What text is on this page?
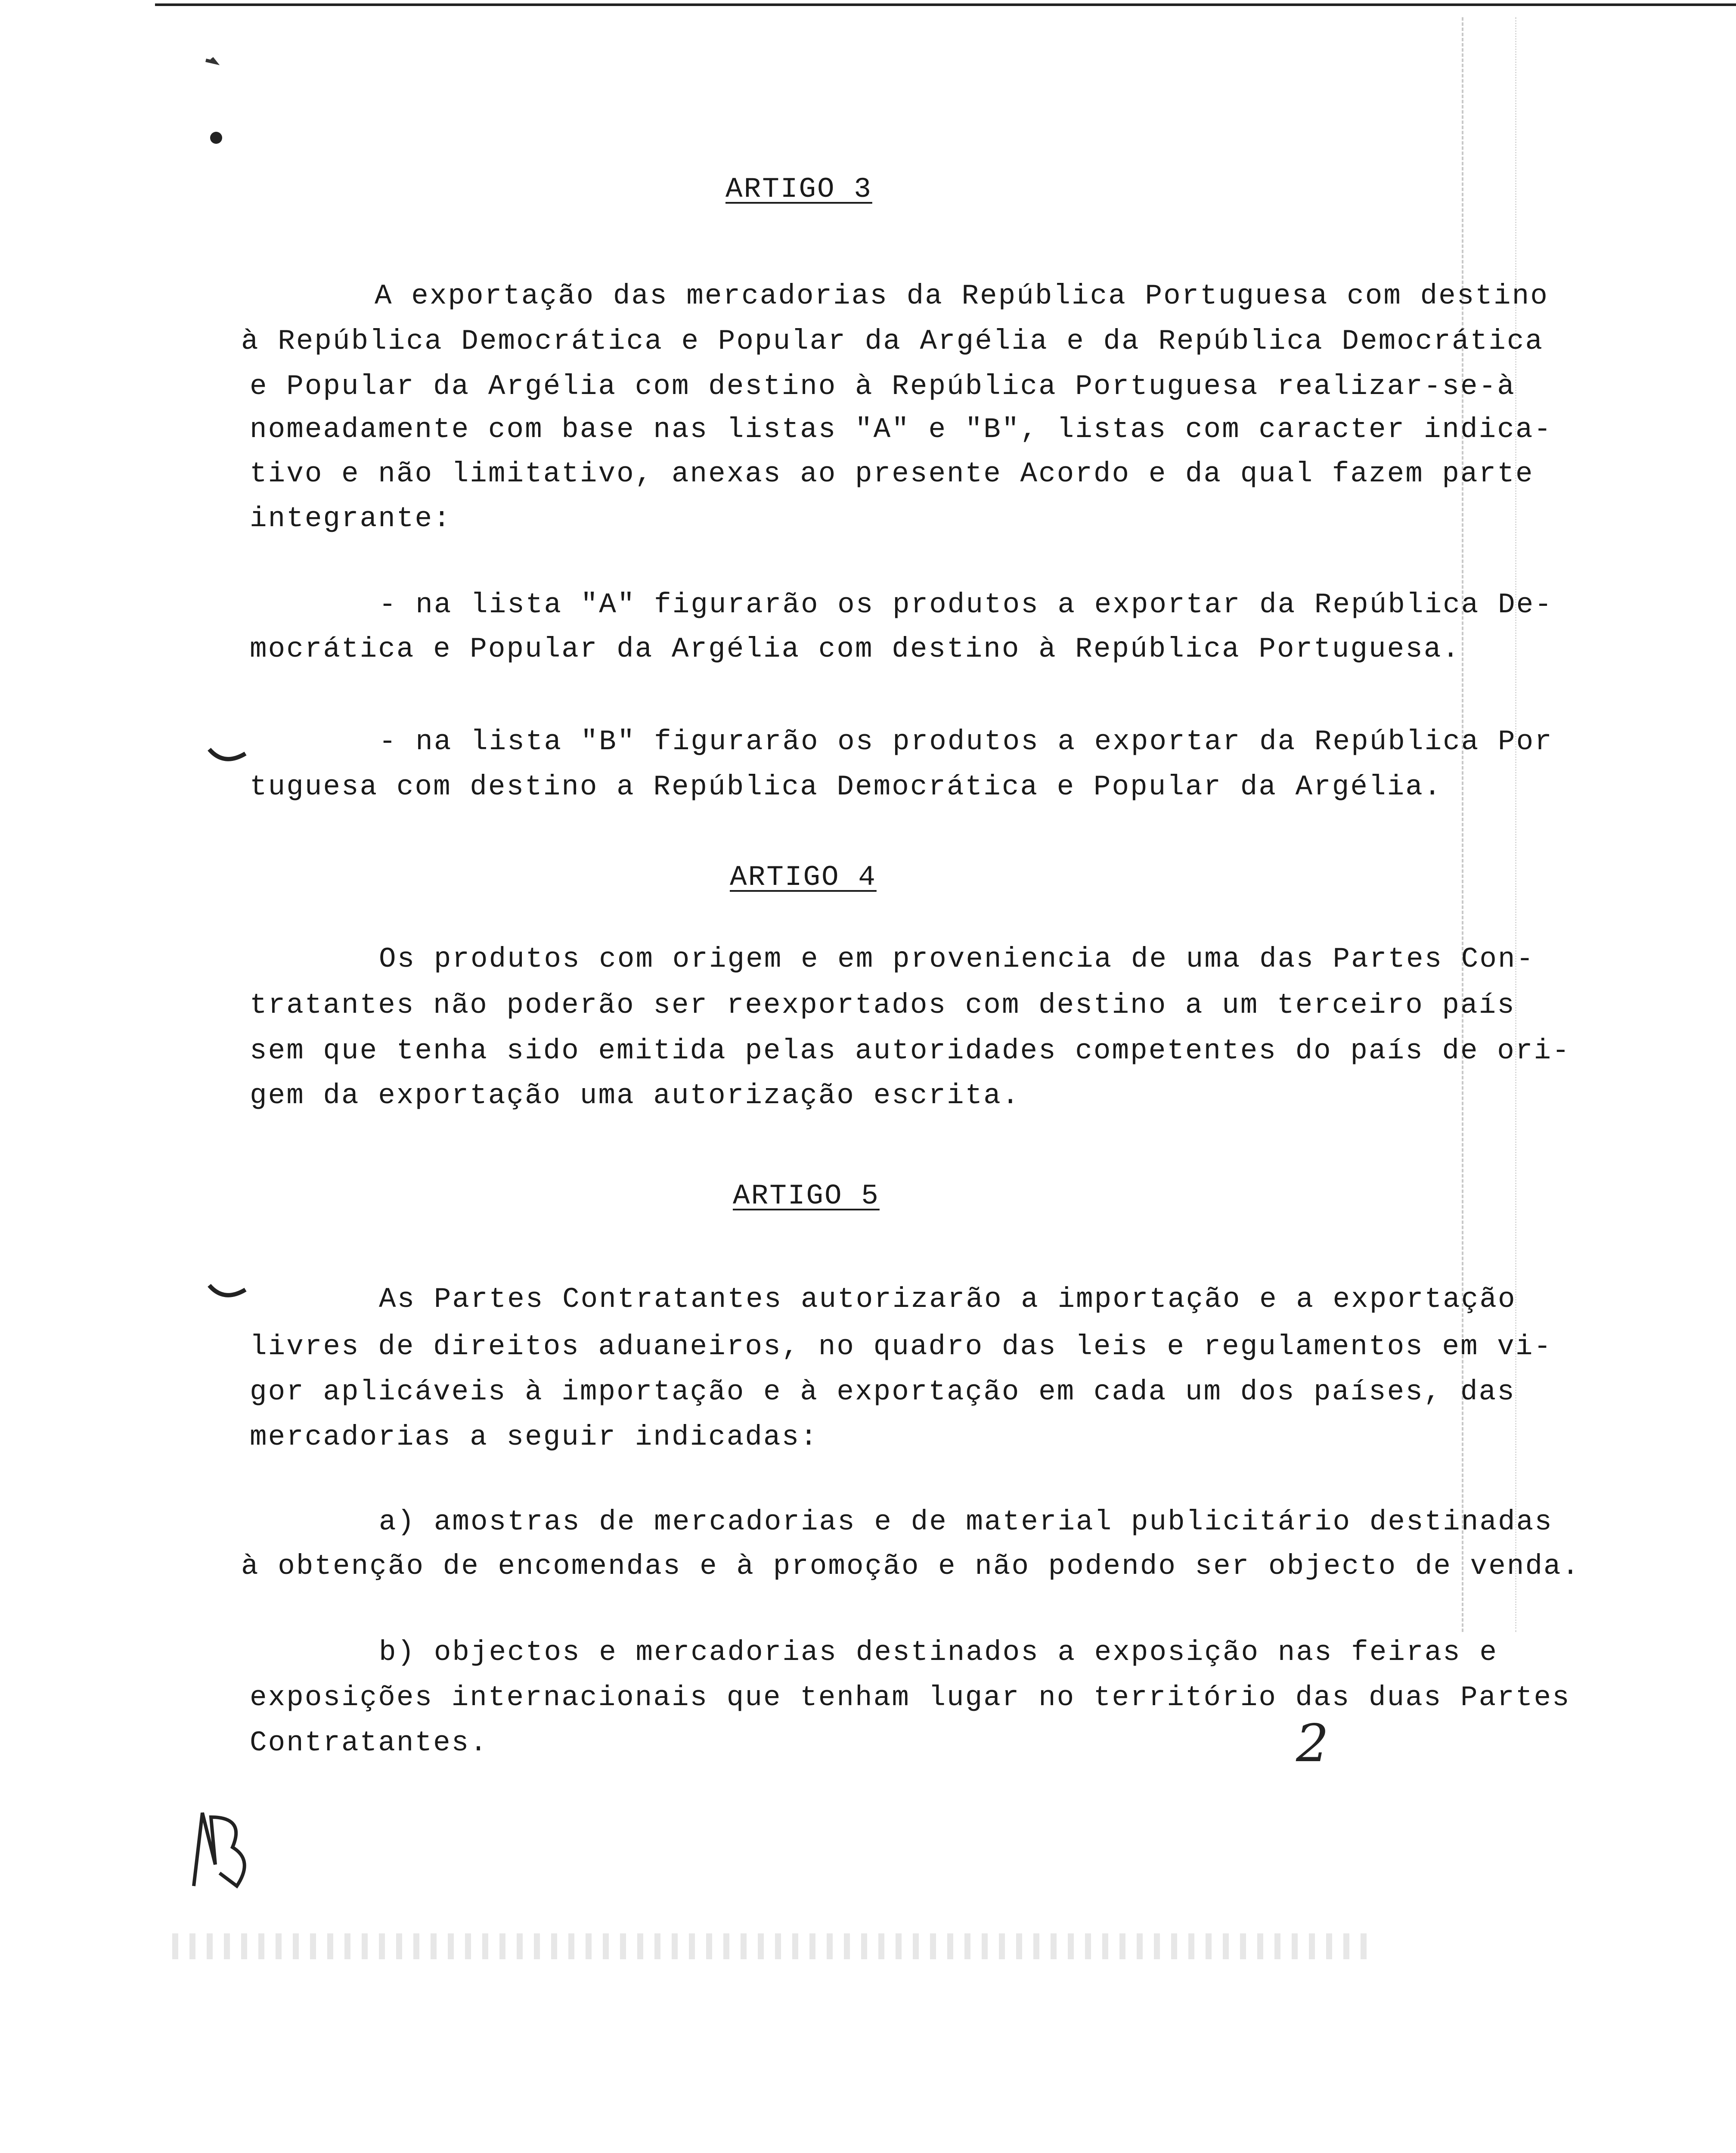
ARTIGO 3
A exportação das mercadorias da República Portuguesa com destino
à República Democrática e Popular da Argélia e da República Democrática
e Popular da Argélia com destino à República Portuguesa realizar-se-à
nomeadamente com base nas listas "A" e "B", listas com caracter indica-
tivo e não limitativo, anexas ao presente Acordo e da qual fazem parte
integrante:
- na lista "A" figurarão os produtos a exportar da República De-
mocrática e Popular da Argélia com destino à República Portuguesa.
- na lista "B" figurarão os produtos a exportar da República Por
tuguesa com destino a República Democrática e Popular da Argélia.
ARTIGO 4
Os produtos com origem e em proveniencia de uma das Partes Con-
tratantes não poderão ser reexportados com destino a um terceiro país
sem que tenha sido emitida pelas autoridades competentes do país de ori-
gem da exportação uma autorização escrita.
ARTIGO 5
As Partes Contratantes autorizarão a importação e a exportação
livres de direitos aduaneiros, no quadro das leis e regulamentos em vi-
gor aplicáveis à importação e à exportação em cada um dos países, das
mercadorias a seguir indicadas:
a) amostras de mercadorias e de material publicitário destinadas
à obtenção de encomendas e à promoção e não podendo ser objecto de venda.
b) objectos e mercadorias destinados a exposição nas feiras e
exposições internacionais que tenham lugar no território das duas Partes
Contratantes.	2
